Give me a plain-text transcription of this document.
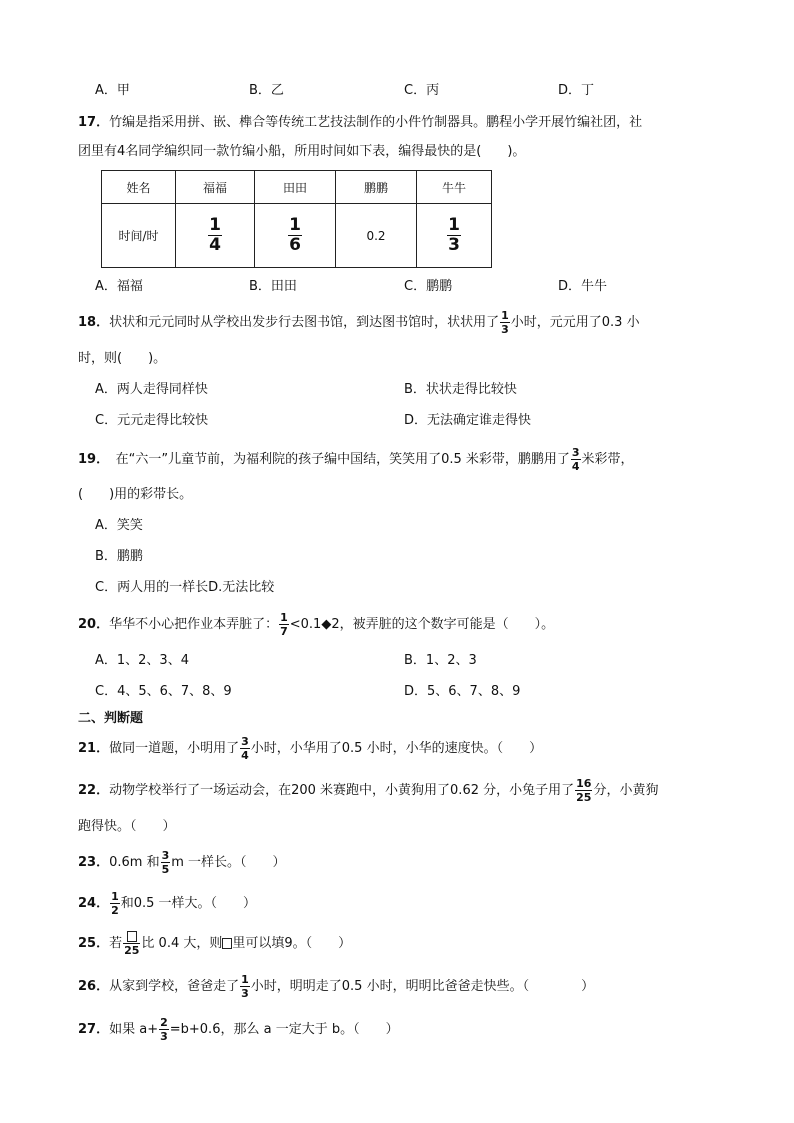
A．甲	B．乙	C．丙	D．丁
17．竹编是指采用拼、嵌、榫合等传统工艺技法制作的小件竹制器具。鹏程小学开展竹编社团，社
团里有4名同学编织同一款竹编小船，所用时间如下表，编得最快的是(　　)。
姓名	福福	田田	鹏鹏	牛牛
时间/时	$\frac{1}{4}$	$\frac{1}{6}$	0.2	$\frac{1}{3}$
A．福福	B．田田	C．鹏鹏	D．牛牛
18．状状和元元同时从学校出发步行去图书馆，到达图书馆时，状状用了 $\frac{1}{3}$ 小时，元元用了0.3 小
时，则(　　)。
A．两人走得同样快	B．状状走得比较快
C．元元走得比较快	D．无法确定谁走得快
19．　在“六一”儿童节前，为福利院的孩子编中国结，笑笑用了0.5 米彩带，鹏鹏用了 $\frac{3}{4}$ 米彩带，
(　　)用的彩带长。
A．笑笑
B．鹏鹏
C．两人用的一样长D.无法比较
20．华华不小心把作业本弄脏了： $\frac{1}{7}$ <0.1◆2，被弄脏的这个数字可能是（　　）。
A．1、2、3、4	B．1、2、3
C．4、5、6、7、8、9	D．5、6、7、8、9
二、判断题
21．做同一道题，小明用了 $\frac{3}{4}$ 小时，小华用了0.5 小时，小华的速度快。（　　）
22．动物学校举行了一场运动会，在200 米赛跑中，小黄狗用了0.62 分，小兔子用了 $\frac{16}{25}$ 分，小黄狗
跑得快。（　　）
23．0.6m 和 $\frac{3}{5}$ m 一样长。（　　）
24． $\frac{1}{2}$ 和0.5 一样大。（　　）
25．若 25 比 0.4 大，则 里可以填9。（　　）
26．从家到学校，爸爸走了 $\frac{1}{3}$ 小时，明明走了0.5 小时，明明比爸爸走快些。（　　　　）
27．如果 $a+ \frac{2}{3} =b+0.6$，那么 a 一定大于 b。（　　）
